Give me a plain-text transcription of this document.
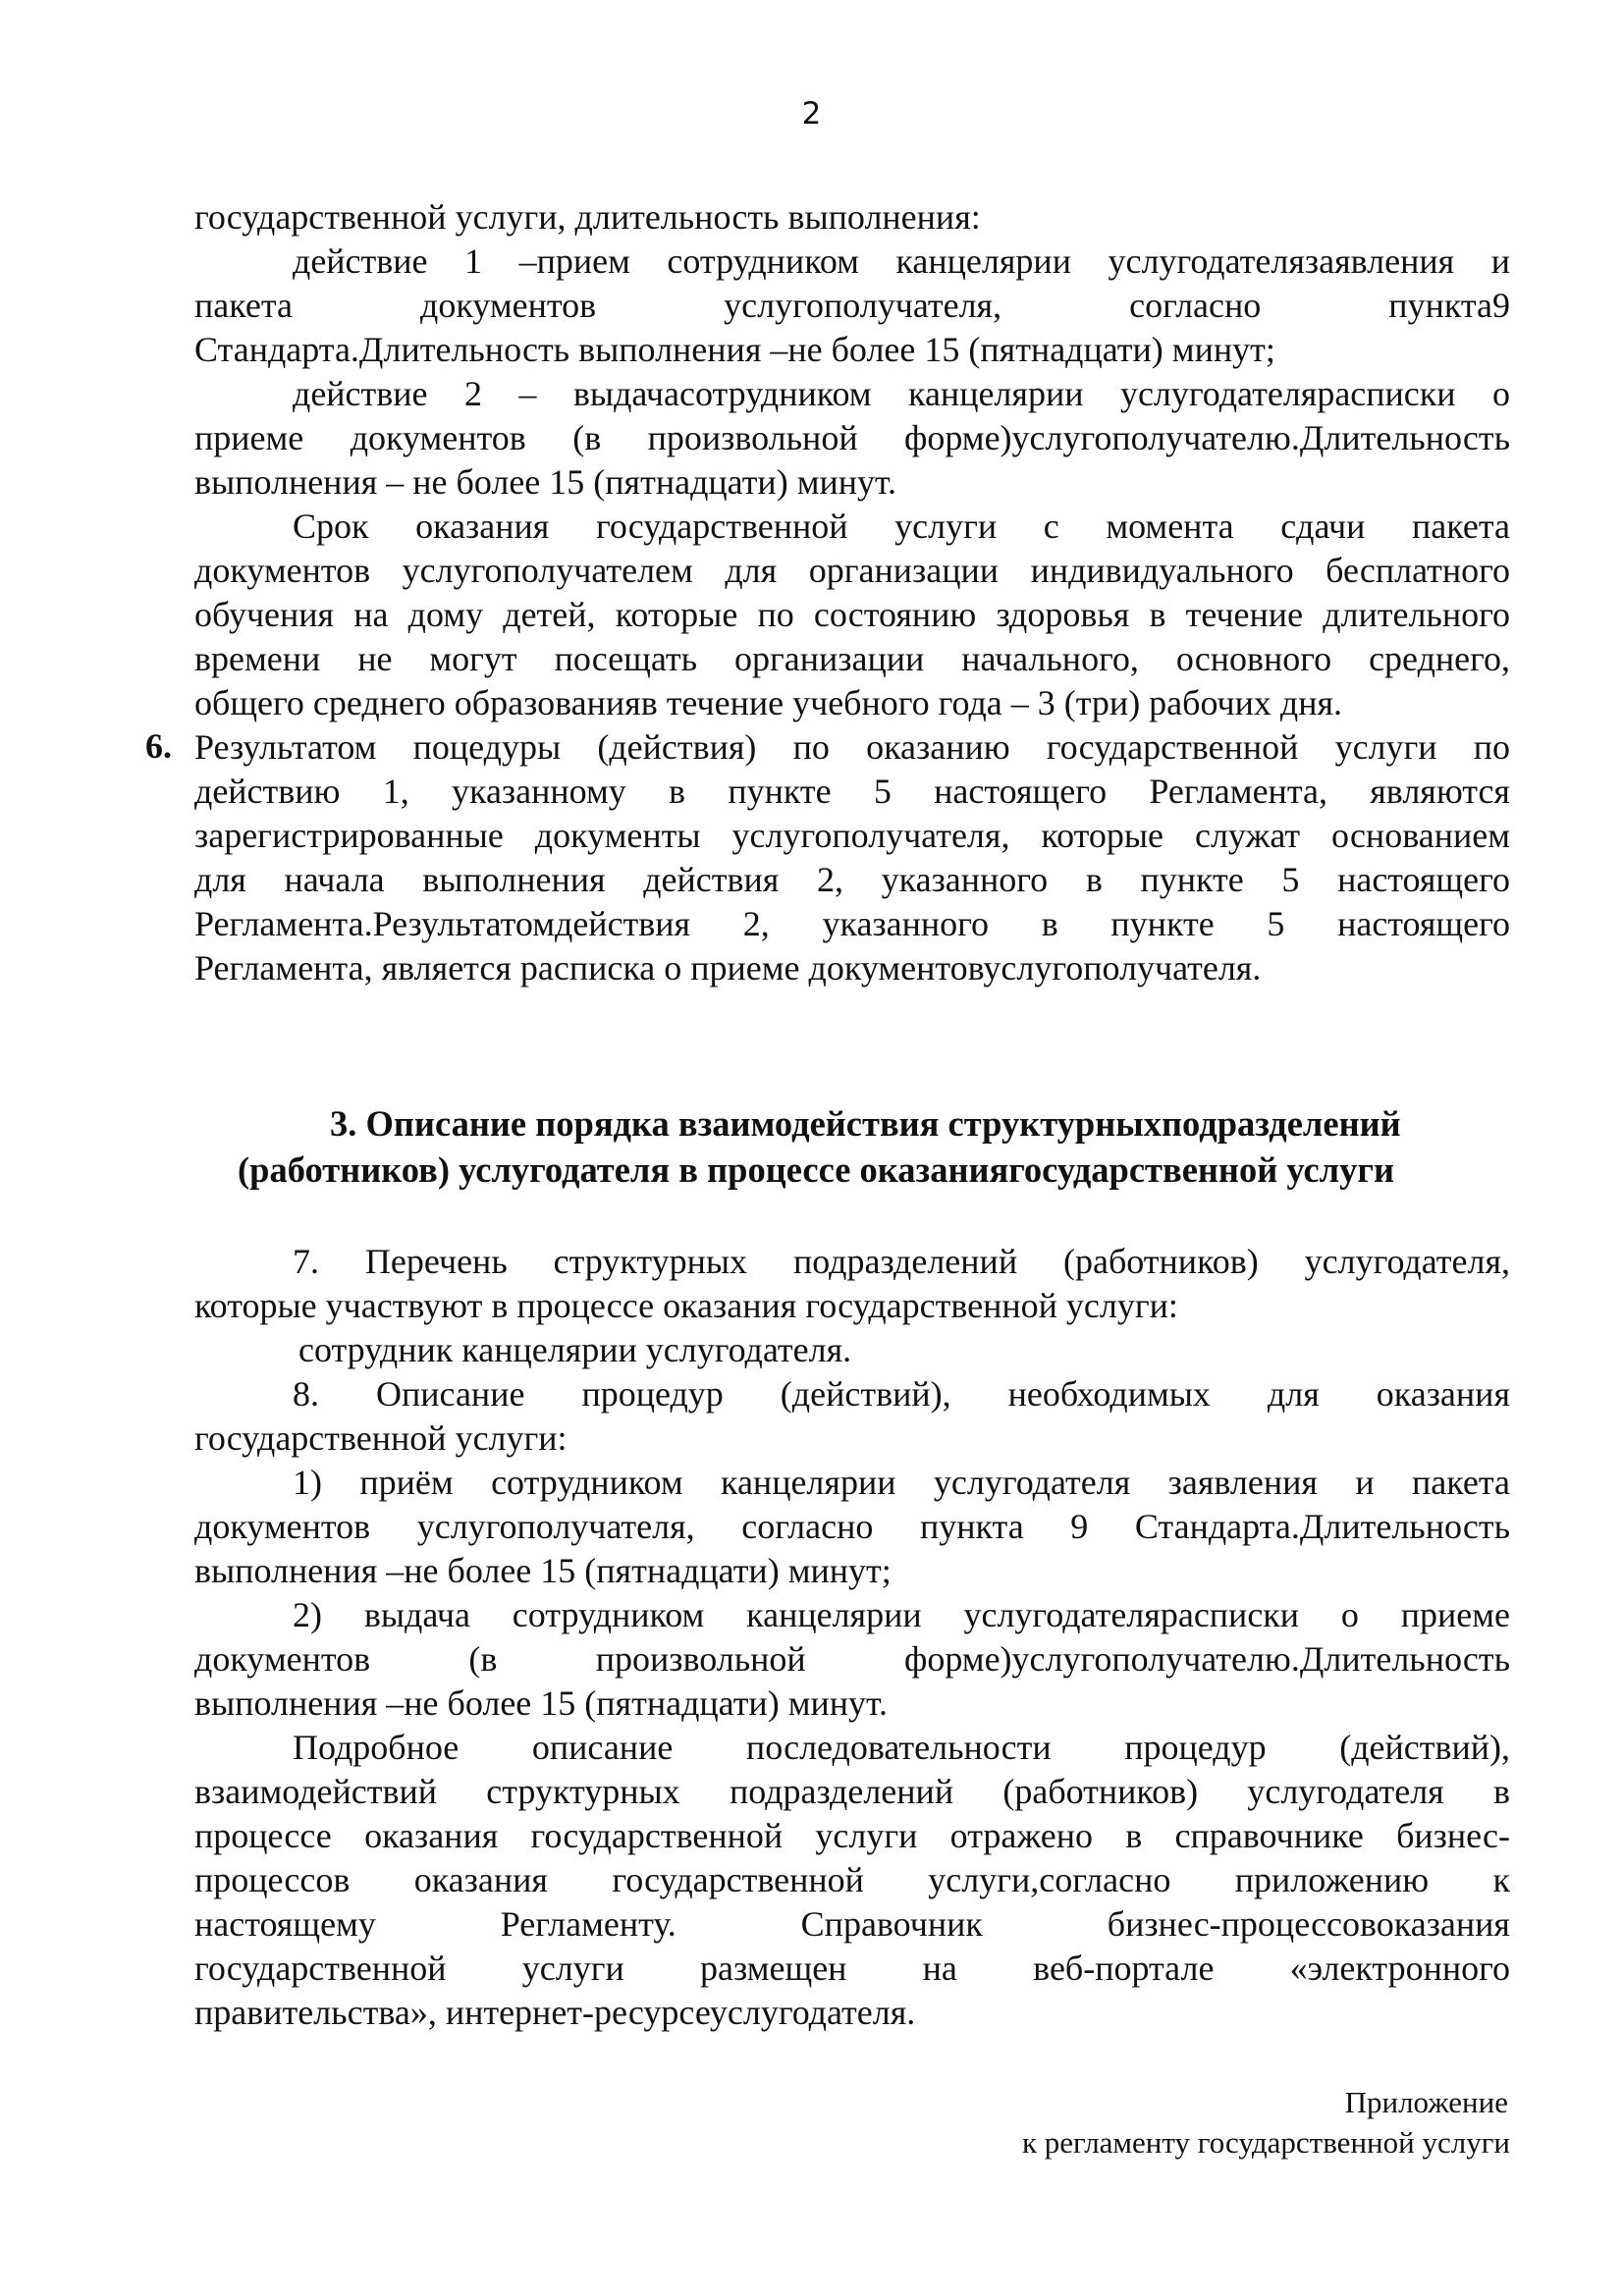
2
государственной услуги, длительность выполнения:
действие 1 –прием сотрудником канцелярии услугодателязаявления и
пакета документов услугополучателя, согласно пункта9
Стандарта.Длительность выполнения –не более 15 (пятнадцати) минут;
действие 2 – выдачасотрудником канцелярии услугодателярасписки о
приеме документов (в произвольной форме)услугополучателю.Длительность
выполнения – не более 15 (пятнадцати) минут.
Срок оказания государственной услуги с момента сдачи пакета
документов услугополучателем для организации индивидуального бесплатного
обучения на дому детей, которые по состоянию здоровья в течение длительного
времени не могут посещать организации начального, основного среднего,
общего среднего образованияв течение учебного года – 3 (три) рабочих дня.
6. Результатом поцедуры (действия) по оказанию государственной услуги по
действию 1, указанному в пункте 5 настоящего Регламента, являются
зарегистрированные документы услугополучателя, которые служат основанием
для начала выполнения действия 2, указанного в пункте 5 настоящего
Регламента.Результатомдействия 2, указанного в пункте 5 настоящего
Регламента, является расписка о приеме документовуслугополучателя.
3. Описание порядка взаимодействия структурныхподразделений
(работников) услугодателя в процессе оказаниягосударственной услуги
7. Перечень структурных подразделений (работников) услугодателя,
которые участвуют в процессе оказания государственной услуги:
сотрудник канцелярии услугодателя.
8. Описание процедур (действий), необходимых для оказания
государственной услуги:
1) приём сотрудником канцелярии услугодателя заявления и пакета
документов услугополучателя, согласно пункта 9 Стандарта.Длительность
выполнения –не более 15 (пятнадцати) минут;
2) выдача сотрудником канцелярии услугодателярасписки о приеме
документов (в произвольной форме)услугополучателю.Длительность
выполнения –не более 15 (пятнадцати) минут.
Подробное описание последовательности процедур (действий),
взаимодействий структурных подразделений (работников) услугодателя в
процессе оказания государственной услуги отражено в справочнике бизнес-
процессов оказания государственной услуги,согласно приложению к
настоящему Регламенту. Справочник бизнес-процессовоказания
государственной услуги размещен на веб-портале «электронного
правительства», интернет-ресурсеуслугодателя.
Приложение
к регламенту государственной услуги
